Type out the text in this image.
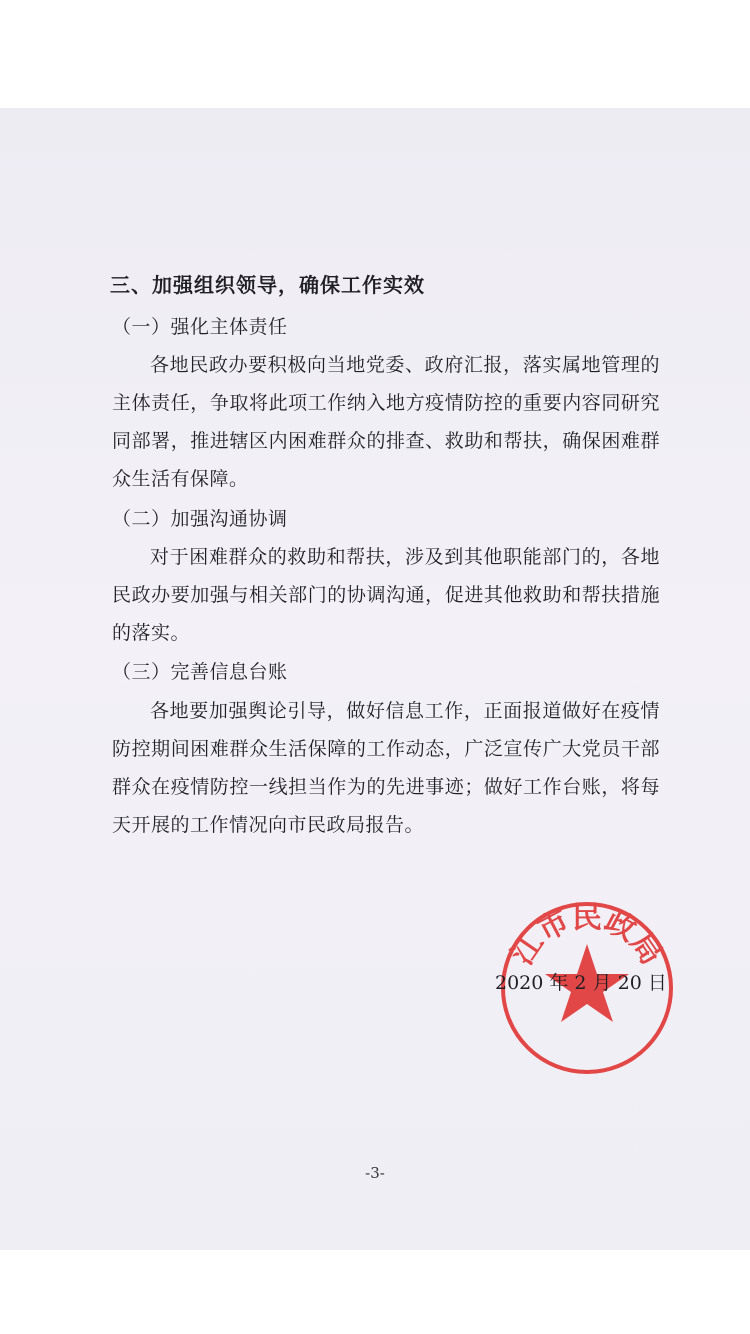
三、加强组织领导，确保工作实效
（一）强化主体责任
各地民政办要积极向当地党委、政府汇报，落实属地管理的
主体责任，争取将此项工作纳入地方疫情防控的重要内容同研究
同部署，推进辖区内困难群众的排查、救助和帮扶，确保困难群
众生活有保障。
（二）加强沟通协调
对于困难群众的救助和帮扶，涉及到其他职能部门的，各地
民政办要加强与相关部门的协调沟通，促进其他救助和帮扶措施
的落实。
（三）完善信息台账
各地要加强舆论引导，做好信息工作，正面报道做好在疫情
防控期间困难群众生活保障的工作动态，广泛宣传广大党员干部
群众在疫情防控一线担当作为的先进事迹；做好工作台账，将每
天开展的工作情况向市民政局报告。
江市民政局
2020 年 2 月 20 日
-3-
